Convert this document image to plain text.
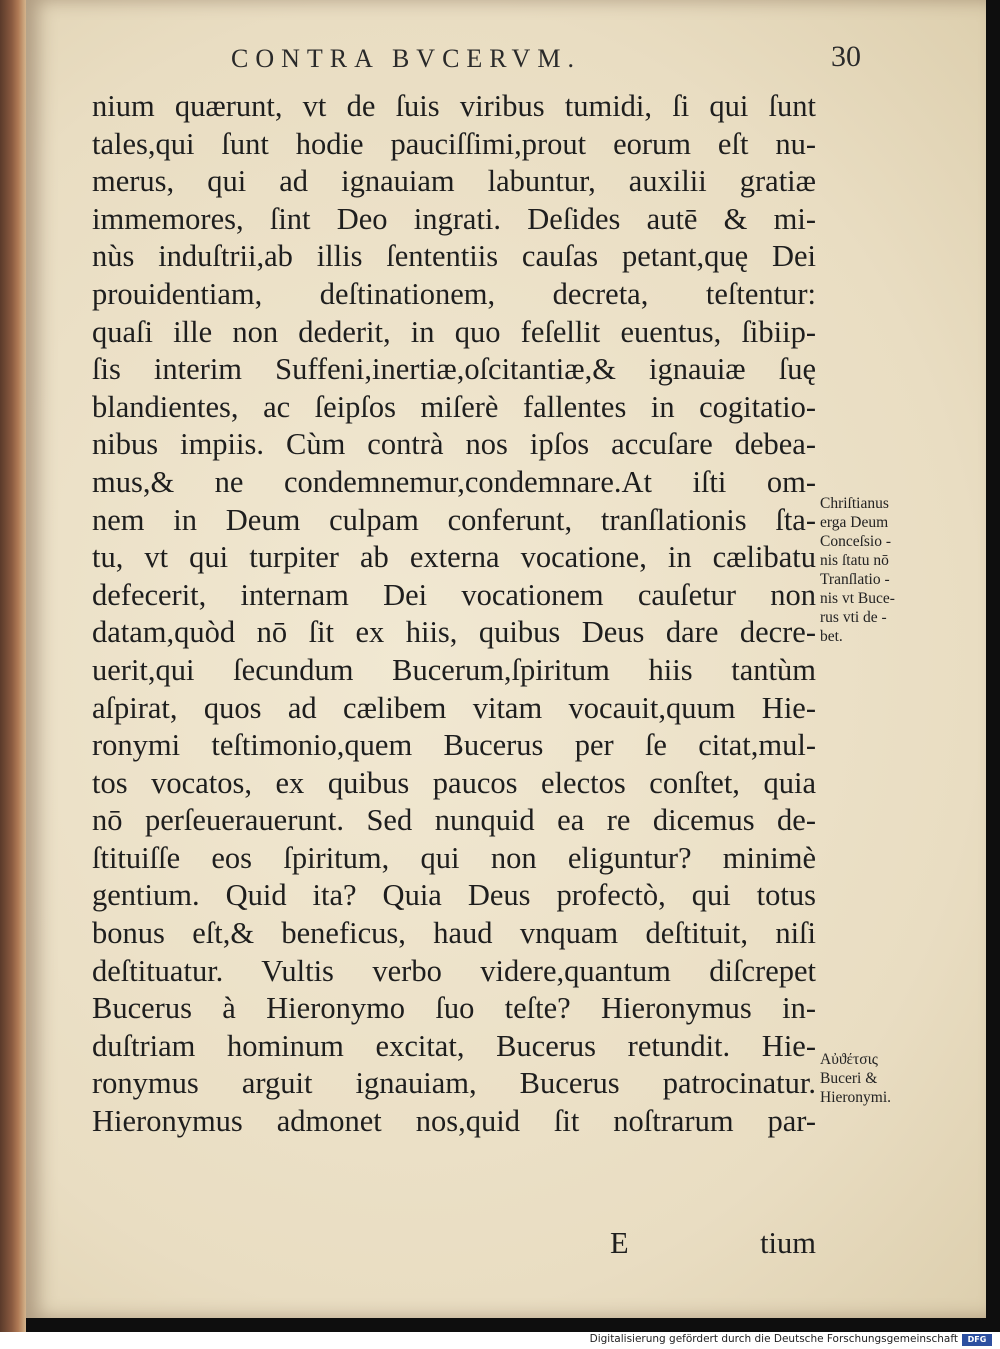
CONTRA BVCERVM.	30
nium quærunt, vt de ſuis viribus tumidi, ſi qui ſunt
tales,qui ſunt hodie pauciſſimi,prout eorum eſt nu-
merus, qui ad ignauiam labuntur, auxilii gratiæ
immemores, ſint Deo ingrati. Deſides autē & mi-
nùs induſtrii,ab illis ſententiis cauſas petant,quę Dei
prouidentiam, deſtinationem, decreta, teſtentur:
quaſi ille non dederit, in quo feſellit euentus, ſibiip-
ſis interim Suffeni,inertiæ,oſcitantiæ,& ignauiæ ſuę
blandientes, ac ſeipſos miſerè fallentes in cogitatio-
nibus impiis. Cùm contrà nos ipſos accuſare debea-
mus,& ne condemnemur,condemnare.At iſti om-
nem in Deum culpam conferunt, tranſlationis ſta-
tu, vt qui turpiter ab externa vocatione, in cælibatu
defecerit, internam Dei vocationem cauſetur non
datam,quòd nō ſit ex hiis, quibus Deus dare decre-
uerit,qui ſecundum Bucerum,ſpiritum hiis tantùm
aſpirat, quos ad cælibem vitam vocauit,quum Hie-
ronymi teſtimonio,quem Bucerus per ſe citat,mul-
tos vocatos, ex quibus paucos electos conſtet, quia
nō perſeuerauerunt. Sed nunquid ea re dicemus de-
ſtituiſſe eos ſpiritum, qui non eliguntur? minimè
gentium. Quid ita? Quia Deus profectò, qui totus
bonus eſt,& beneficus, haud vnquam deſtituit, niſi
deſtituatur. Vultis verbo videre,quantum diſcrepet
Bucerus à Hieronymo ſuo teſte? Hieronymus in-
duſtriam hominum excitat, Bucerus retundit. Hie-
ronymus arguit ignauiam, Bucerus patrocinatur.
Hieronymus admonet nos,quid ſit noſtrarum par-
E	tium
Chriſtianus
erga Deum
Conceſsio -
nis ſtatu nō
Tranſlatio -
nis vt Buce-
rus vti de -
bet.
Αὐϑέτσις
Buceri &
Hieronymi.
Digitalisierung gefördert durch die Deutsche Forschungsgemeinschaft	DFG
